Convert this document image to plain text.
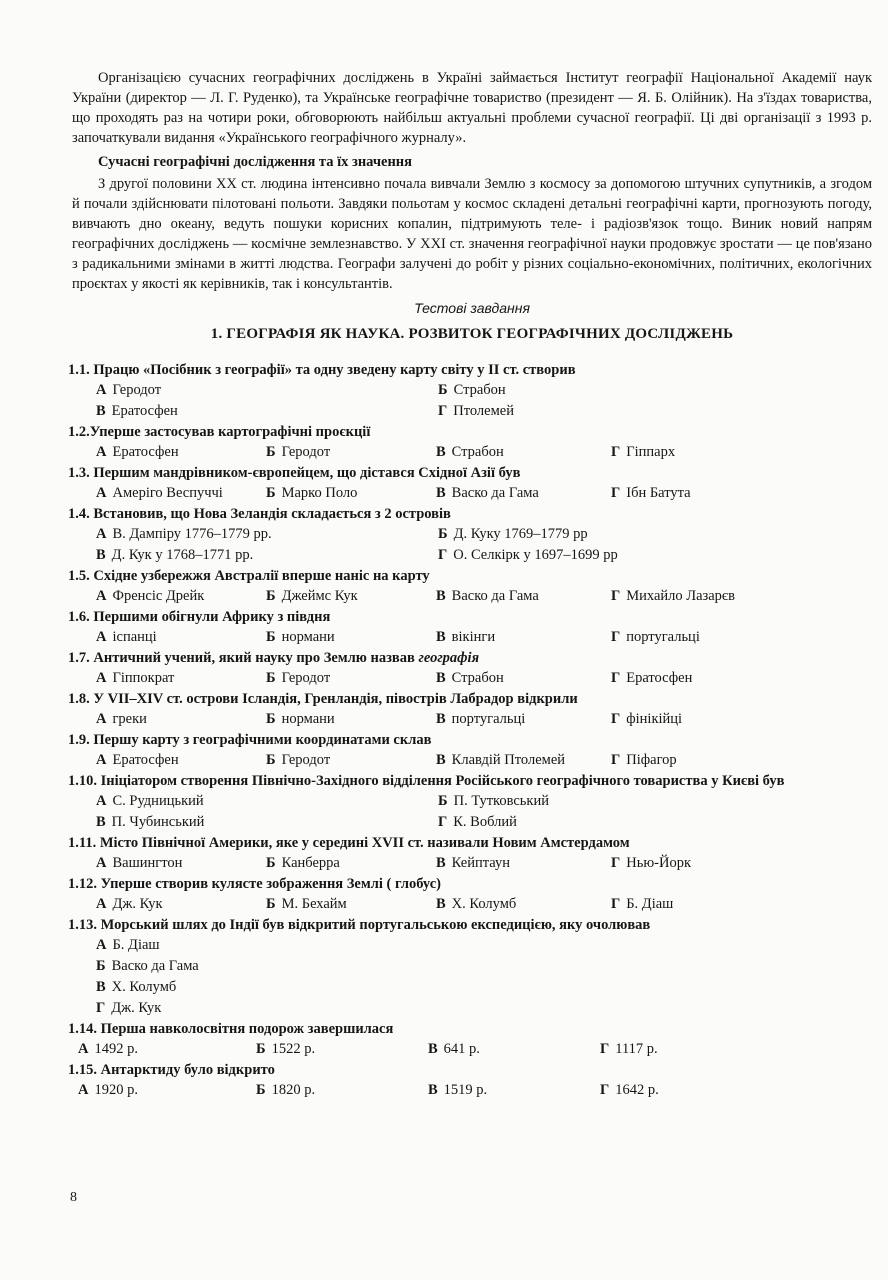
Організацією сучасних географічних досліджень в Україні займається Інститут географії Національної Академії наук України (директор — Л. Г. Руденко), та Українське географічне товариство (президент — Я. Б. Олійник). На з'їздах товариства, що проходять раз на чотири роки, обговорюють найбільш актуальні проблеми сучасної географії. Ці дві організації з 1993 р. започаткували видання «Українського географічного журналу».

Сучасні географічні дослідження та їх значення

З другої половини XX ст. людина інтенсивно почала вивчали Землю з космосу за допомогою штучних супутників, а згодом й почали здійснювати пілотовані польоти. Завдяки польотам у космос складені детальні географічні карти, прогнозують погоду, вивчають дно океану, ведуть пошуки корисних копалин, підтримують теле- і радіозв'язок тощо. Виник новий напрям географічних досліджень — космічне землезнавство. У XXI ст. значення географічної науки продовжує зростати — це пов'язано з радикальними змінами в житті людства. Географи залучені до робіт у різних соціально-економічних, політичних, екологічних проєктах у якості як керівників, так і консультантів.

Тестові завдання
1. ГЕОГРАФІЯ ЯК НАУКА. РОЗВИТОК ГЕОГРАФІЧНИХ ДОСЛІДЖЕНЬ
1.1. Працю «Посібник з географії» та одну зведену карту світу у II ст. створив
А Геродот	Б Страбон
В Ератосфен	Г Птолемей
1.2.Уперше застосував картографічні проєкції
А Ератосфен	Б Геродот	В Страбон	Г Гіппарх
1.3. Першим мандрівником-європейцем, що дістався Східної Азії був
А Амеріго Веспуччі	Б Марко Поло	В Васко да Гама	Г Ібн Батута
1.4. Встановив, що Нова Зеландія складається з 2 островів
А В. Дампіру 1776–1779 рр.	Б Д. Куку 1769–1779 рр
В Д. Кук у 1768–1771 рр.	Г О. Селкірк у 1697–1699 рр
1.5. Східне узбережжя Австралії вперше наніс на карту
А Френсіс Дрейк	Б Джеймс Кук	В Васко да Гама	Г Михайло Лазарєв
1.6. Першими обігнули Африку з півдня
А іспанці	Б нормани	В вікінги	Г португальці
1.7. Античний учений, який науку про Землю назвав географія
А Гіппократ	Б Геродот	В Страбон	Г Ератосфен
1.8. У VII–XIV ст. острови Ісландія, Гренландія, півострів Лабрадор відкрили
А греки	Б нормани	В португальці	Г фінікійці
1.9. Першу карту з географічними координатами склав
А Ератосфен	Б Геродот	В Клавдій Птолемей	Г Піфагор
1.10. Ініціатором створення Північно-Західного відділення Російського географічного товариства у Києві був
А С. Рудницький	Б П. Тутковський
В П. Чубинський	Г К. Воблий
1.11. Місто Північної Америки, яке у середині XVII ст. називали Новим Амстердамом
А Вашингтон	Б Канберра	В Кейптаун	Г Нью-Йорк
1.12. Уперше створив кулясте зображення Землі ( глобус)
А Дж. Кук	Б М. Бехайм	В Х. Колумб	Г Б. Діаш
1.13. Морський шлях до Індії був відкритий португальською експедицією, яку очолював
А Б. Діаш
Б Васко да Гама
В Х. Колумб
Г Дж. Кук
1.14. Перша навколосвітня подорож завершилася
А 1492 р.	Б 1522 р.	В 641 р.	Г 1117 р.
1.15. Антарктиду було відкрито
А 1920 р.	Б 1820 р.	В 1519 р.	Г 1642 р.
8
